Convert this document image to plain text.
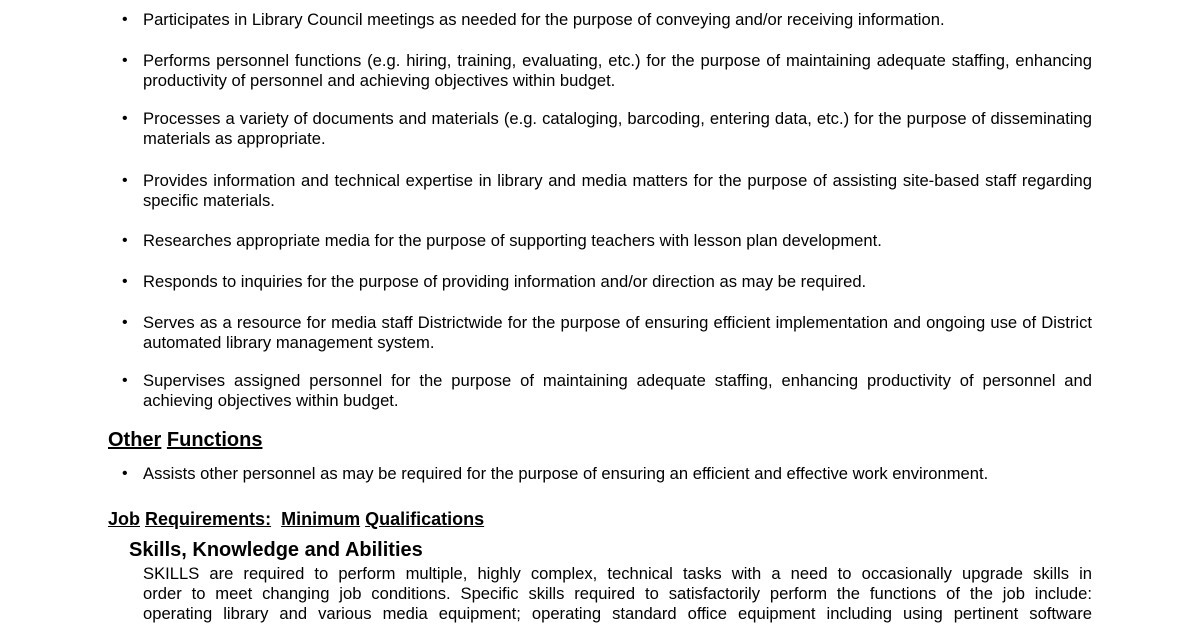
• Participates in Library Council meetings as needed for the purpose of conveying and/or receiving information.
• Performs personnel functions (e.g. hiring, training, evaluating, etc.) for the purpose of maintaining adequate staffing, enhancing productivity of personnel and achieving objectives within budget.
• Processes a variety of documents and materials (e.g. cataloging, barcoding, entering data, etc.) for the purpose of disseminating materials as appropriate.
• Provides information and technical expertise in library and media matters for the purpose of assisting site-based staff regarding specific materials.
• Researches appropriate media for the purpose of supporting teachers with lesson plan development.
• Responds to inquiries for the purpose of providing information and/or direction as may be required.
• Serves as a resource for media staff Districtwide for the purpose of ensuring efficient implementation and ongoing use of District automated library management system.
• Supervises assigned personnel for the purpose of maintaining adequate staffing, enhancing productivity of personnel and achieving objectives within budget.
Other Functions
• Assists other personnel as may be required for the purpose of ensuring an efficient and effective work environment.
Job Requirements: Minimum Qualifications
Skills, Knowledge and Abilities
SKILLS are required to perform multiple, highly complex, technical tasks with a need to occasionally upgrade skills in
order to meet changing job conditions. Specific skills required to satisfactorily perform the functions of the job include:
operating library and various media equipment; operating standard office equipment including using pertinent software
